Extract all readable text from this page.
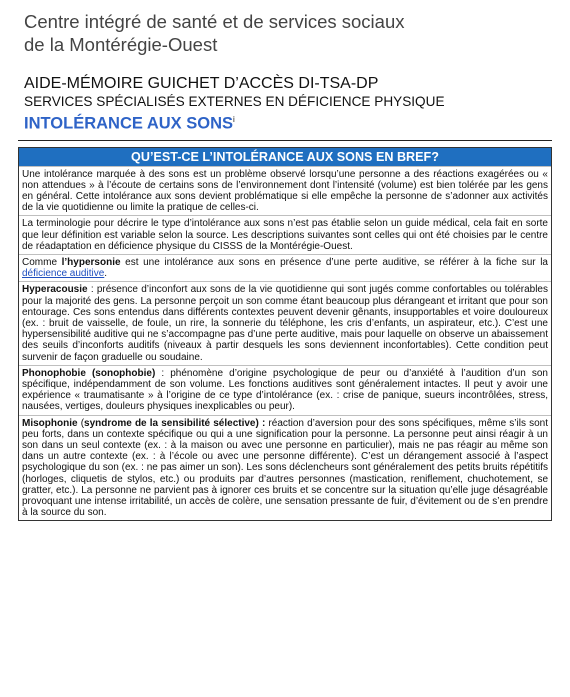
Centre intégré de santé et de services sociaux
de la Montérégie-Ouest
AIDE-MÉMOIRE GUICHET D’ACCÈS DI-TSA-DP
SERVICES SPÉCIALISÉS EXTERNES EN DÉFICIENCE PHYSIQUE
INTOLÉRANCE AUX SONS$^i$
QU’EST-CE L’INTOLÉRANCE AUX SONS EN BREF?
Une intolérance marquée à des sons est un problème observé lorsqu’une personne a des réactions exagérées ou « non attendues » à l’écoute de certains sons de l’environnement dont l’intensité (volume) est bien tolérée par les gens en général. Cette intolérance aux sons devient problématique si elle empêche la personne de s’adonner aux activités de la vie quotidienne ou limite la pratique de celles-ci.
La terminologie pour décrire le type d’intolérance aux sons n’est pas établie selon un guide médical, cela fait en sorte que leur définition est variable selon la source. Les descriptions suivantes sont celles qui ont été choisies par le centre de réadaptation en déficience physique du CISSS de la Montérégie-Ouest.
Comme l’hypersonie est une intolérance aux sons en présence d’une perte auditive, se référer à la fiche sur la déficience auditive.
Hyperacousie : présence d’inconfort aux sons de la vie quotidienne qui sont jugés comme confortables ou tolérables pour la majorité des gens. La personne perçoit un son comme étant beaucoup plus dérangeant et irritant que pour son entourage. Ces sons entendus dans différents contextes peuvent devenir gênants, insupportables et voire douloureux (ex. : bruit de vaisselle, de foule, un rire, la sonnerie du téléphone, les cris d’enfants, un aspirateur, etc.). C’est une hypersensibilité auditive qui ne s’accompagne pas d’une perte auditive, mais pour laquelle on observe un abaissement des seuils d’inconforts auditifs (niveaux à partir desquels les sons deviennent inconfortables). Cette condition peut survenir de façon graduelle ou soudaine.
Phonophobie (sonophobie) : phénomène d’origine psychologique de peur ou d’anxiété à l’audition d’un son spécifique, indépendamment de son volume. Les fonctions auditives sont généralement intactes. Il peut y avoir une expérience « traumatisante » à l’origine de ce type d’intolérance (ex. : crise de panique, sueurs incontrôlées, stress, nausées, vertiges, douleurs physiques inexplicables ou peur).
Misophonie (syndrome de la sensibilité sélective) : réaction d’aversion pour des sons spécifiques, même s’ils sont peu forts, dans un contexte spécifique ou qui a une signification pour la personne. La personne peut ainsi réagir à un son dans un seul contexte (ex. : à la maison ou avec une personne en particulier), mais ne pas réagir au même son dans un autre contexte (ex. : à l’école ou avec une personne différente). C’est un dérangement associé à l’aspect psychologique du son (ex. : ne pas aimer un son). Les sons déclencheurs sont généralement des petits bruits répétitifs (horloges, cliquetis de stylos, etc.) ou produits par d’autres personnes (mastication, reniflement, chuchotement, se gratter, etc.). La personne ne parvient pas à ignorer ces bruits et se concentre sur la situation qu’elle juge désagréable provoquant une intense irritabilité, un accès de colère, une sensation pressante de fuir, d’évitement ou de s’en prendre à la source du son.
